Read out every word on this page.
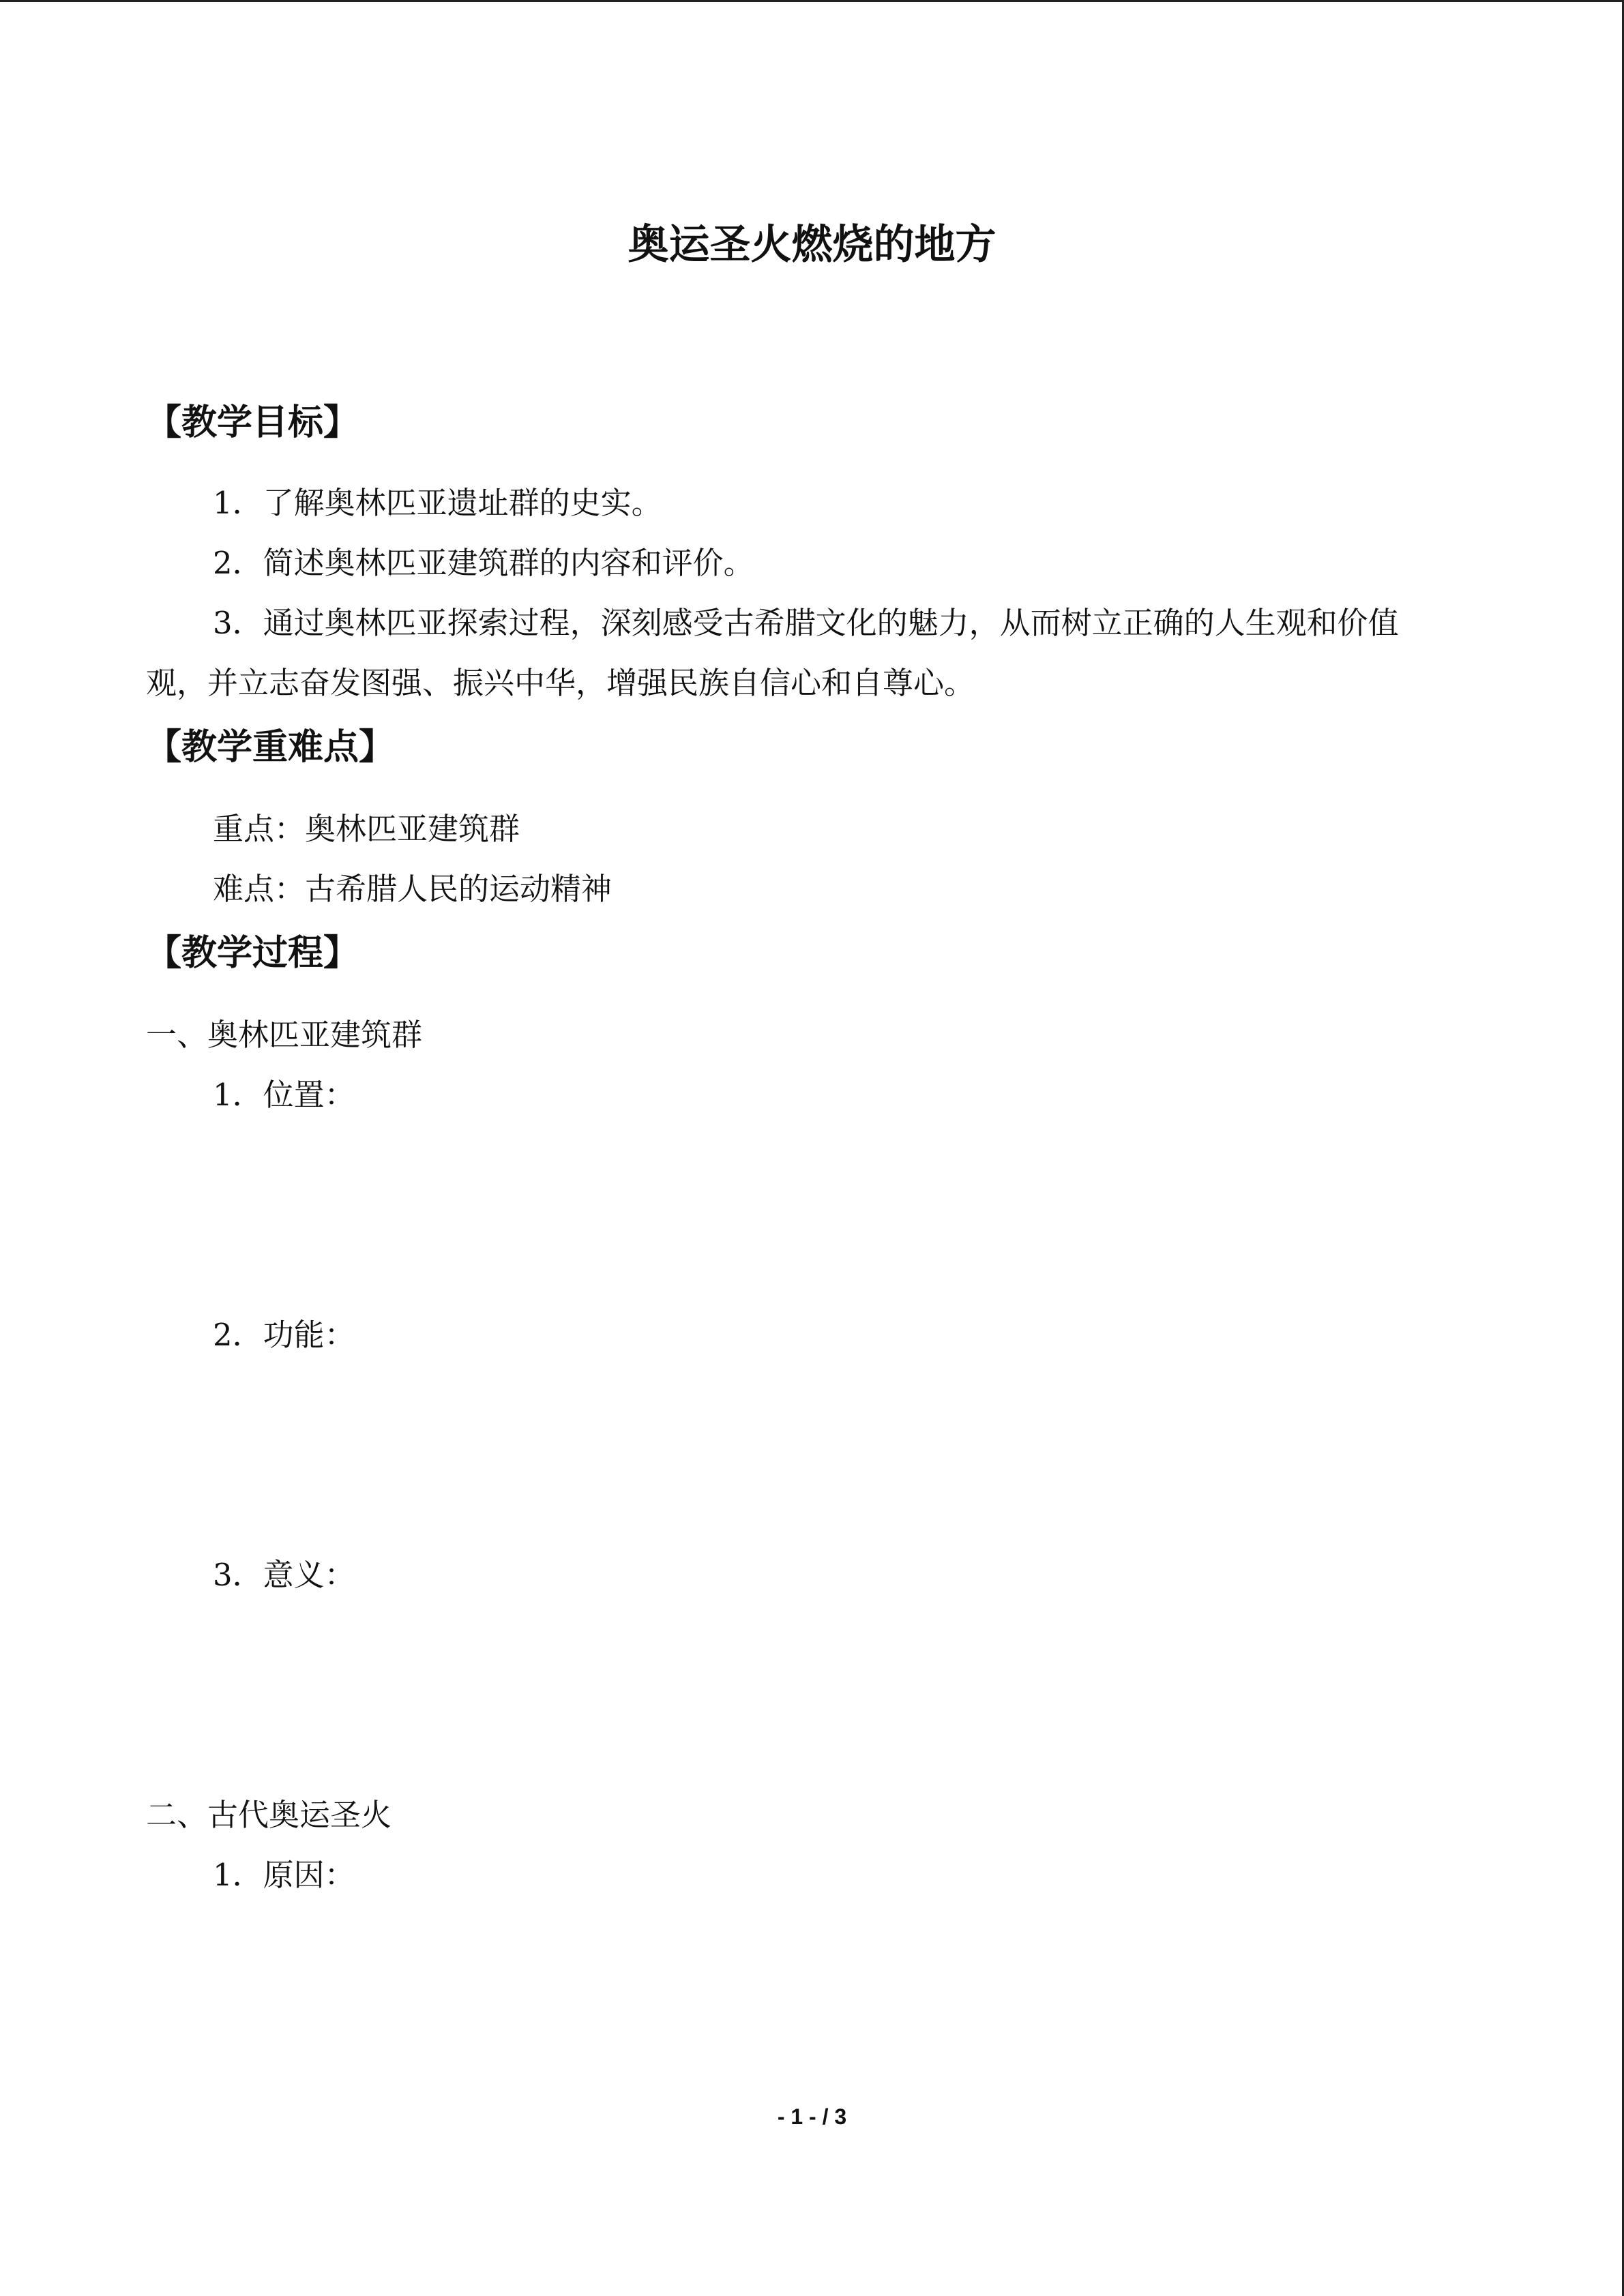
奥运圣火燃烧的地方
【教学目标】
1．了解奥林匹亚遗址群的史实。
2．简述奥林匹亚建筑群的内容和评价。
3．通过奥林匹亚探索过程，深刻感受古希腊文化的魅力，从而树立正确的人生观和价值
观，并立志奋发图强、振兴中华，增强民族自信心和自尊心。
【教学重难点】
重点：奥林匹亚建筑群
难点：古希腊人民的运动精神
【教学过程】
一、奥林匹亚建筑群
1．位置：
2．功能：
3．意义：
二、古代奥运圣火
1．原因：
- 1 - / 3
